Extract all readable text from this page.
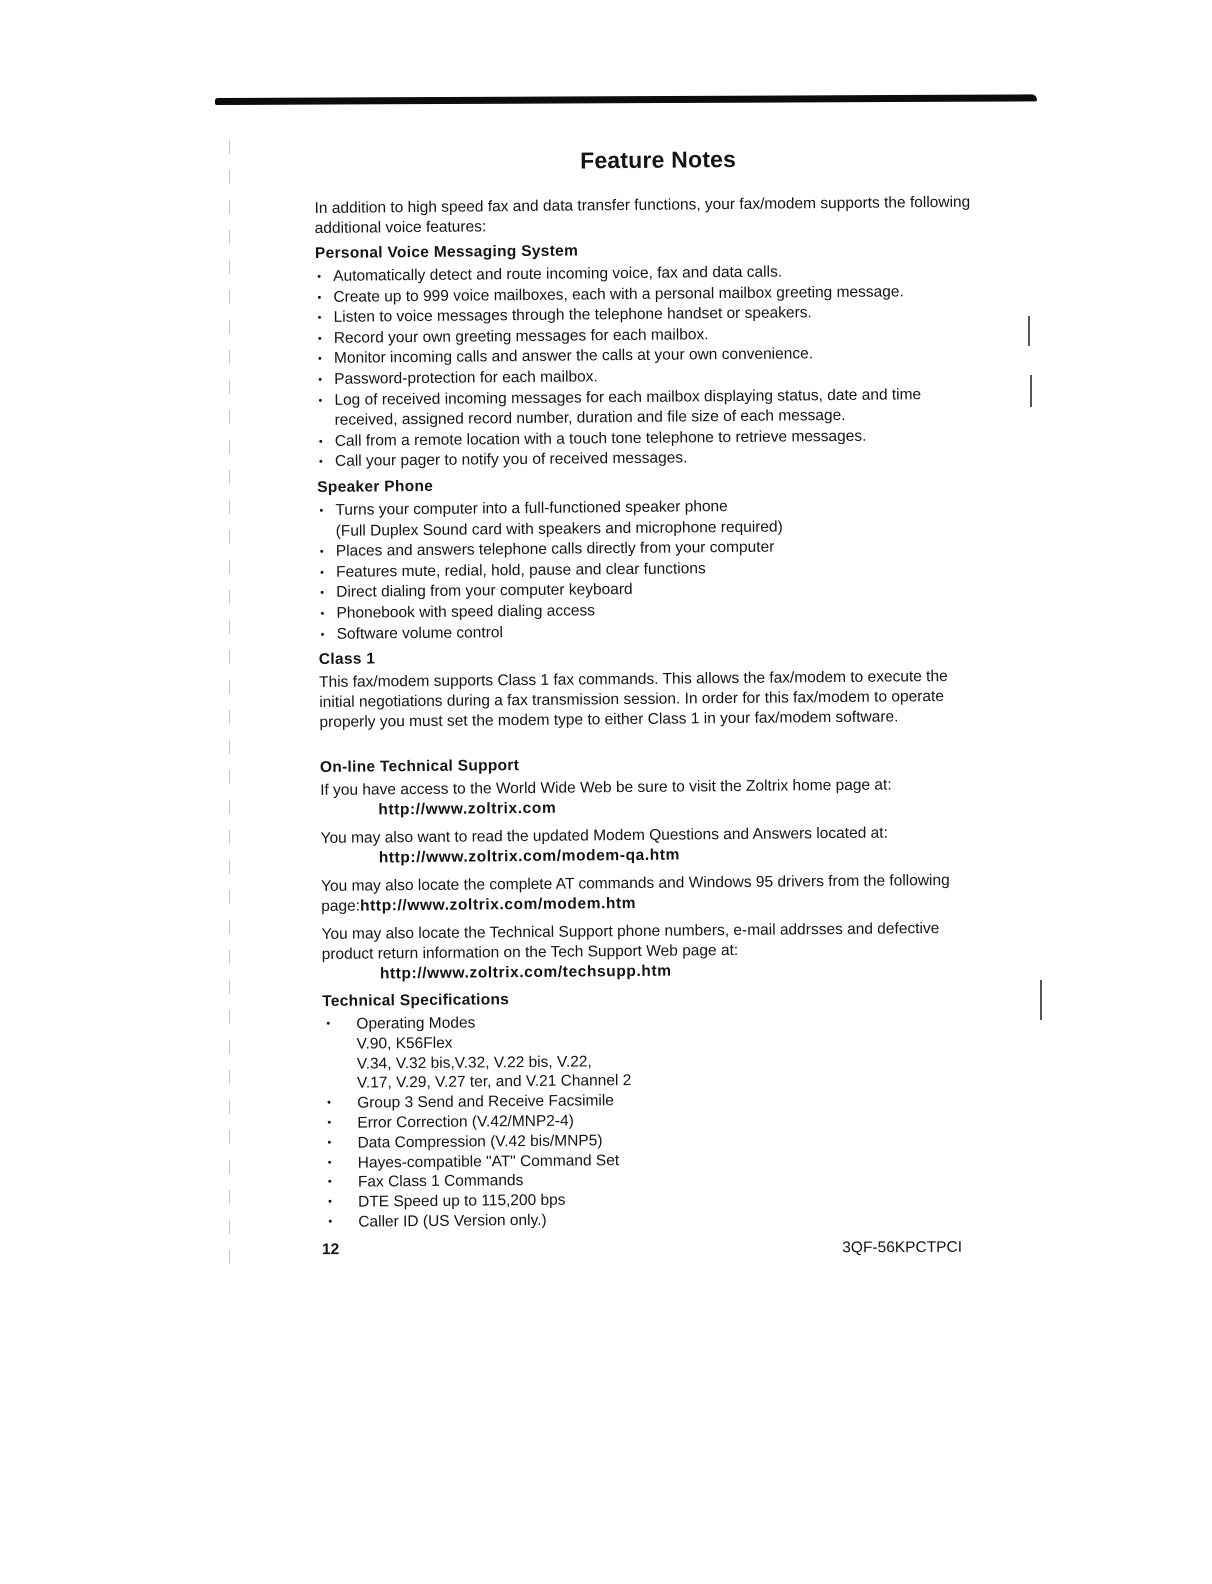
Feature Notes

In addition to high speed fax and data transfer functions, your fax/modem supports the following additional voice features:

Personal Voice Messaging System
• Automatically detect and route incoming voice, fax and data calls.
• Create up to 999 voice mailboxes, each with a personal mailbox greeting message.
• Listen to voice messages through the telephone handset or speakers.
• Record your own greeting messages for each mailbox.
• Monitor incoming calls and answer the calls at your own convenience.
• Password-protection for each mailbox.
• Log of received incoming messages for each mailbox displaying status, date and time received, assigned record number, duration and file size of each message.
• Call from a remote location with a touch tone telephone to retrieve messages.
• Call your pager to notify you of received messages.
Speaker Phone
• Turns your computer into a full-functioned speaker phone
(Full Duplex Sound card with speakers and microphone required)
• Places and answers telephone calls directly from your computer
• Features mute, redial, hold, pause and clear functions
• Direct dialing from your computer keyboard
• Phonebook with speed dialing access
• Software volume control
Class 1

This fax/modem supports Class 1 fax commands. This allows the fax/modem to execute the initial negotiations during a fax transmission session. In order for this fax/modem to operate properly you must set the modem type to either Class 1 in your fax/modem software.

On-line Technical Support

If you have access to the World Wide Web be sure to visit the Zoltrix home page at:
http://www.zoltrix.com

You may also want to read the updated Modem Questions and Answers located at:
http://www.zoltrix.com/modem-qa.htm

You may also locate the complete AT commands and Windows 95 drivers from the following page:http://www.zoltrix.com/modem.htm

You may also locate the Technical Support phone numbers, e-mail addrsses and defective product return information on the Tech Support Web page at:
http://www.zoltrix.com/techsupp.htm

Technical Specifications
• Operating Modes
V.90, K56Flex
V.34, V.32 bis,V.32, V.22 bis, V.22,
V.17, V.29, V.27 ter, and V.21 Channel 2
• Group 3 Send and Receive Facsimile
• Error Correction (V.42/MNP2-4)
• Data Compression (V.42 bis/MNP5)
• Hayes-compatible "AT" Command Set
• Fax Class 1 Commands
• DTE Speed up to 115,200 bps
• Caller ID (US Version only.)
12	3QF-56KPCTPCI
